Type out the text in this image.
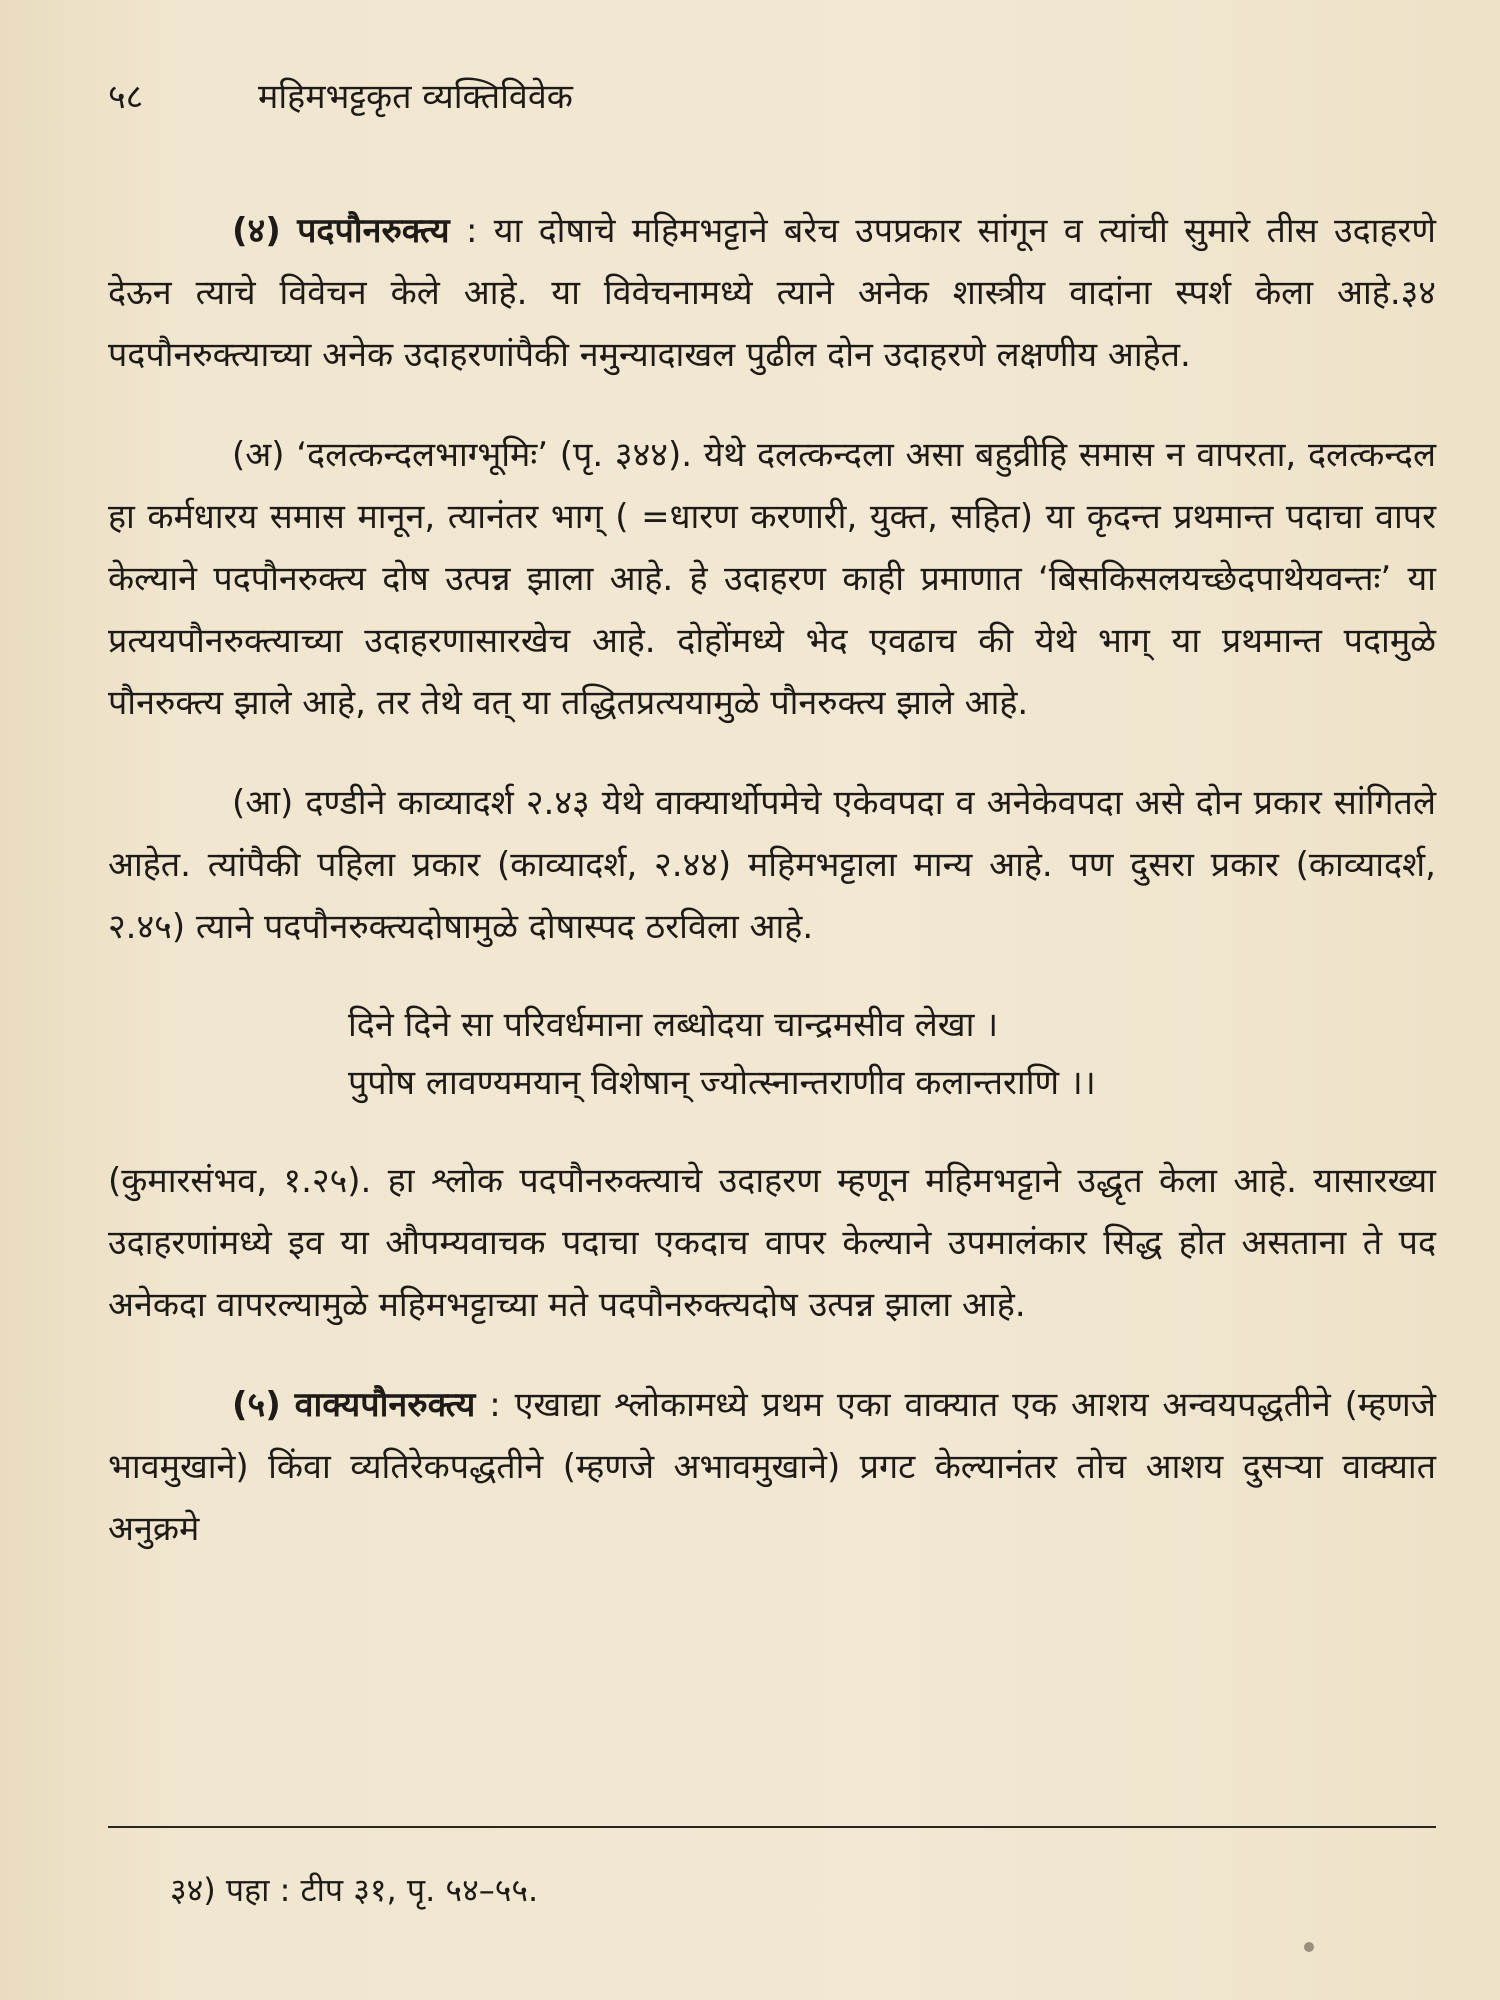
५८	महिमभट्टकृत व्यक्तिविवेक

(४) पदपौनरुक्त्य : या दोषाचे महिमभट्टाने बरेच उपप्रकार सांगून व त्यांची सुमारे तीस उदाहरणे देऊन त्याचे विवेचन केले आहे. या विवेचनामध्ये त्याने अनेक शास्त्रीय वादांना स्पर्श केला आहे.३४ पदपौनरुक्त्याच्या अनेक उदाहरणांपैकी नमुन्यादाखल पुढील दोन उदाहरणे लक्षणीय आहेत.

(अ) ‘दलत्कन्दलभाग्भूमिः’ (पृ. ३४४). येथे दलत्कन्दला असा बहुव्रीहि समास न वापरता, दलत्कन्दल हा कर्मधारय समास मानून, त्यानंतर भाग् ( =धारण करणारी, युक्त, सहित) या कृदन्त प्रथमान्त पदाचा वापर केल्याने पदपौनरुक्त्य दोष उत्पन्न झाला आहे. हे उदाहरण काही प्रमाणात ‘बिसकिसलयच्छेदपाथेयवन्तः’ या प्रत्ययपौनरुक्त्याच्या उदाहरणासारखेच आहे. दोहोंमध्ये भेद एवढाच की येथे भाग् या प्रथमान्त पदामुळे पौनरुक्त्य झाले आहे, तर तेथे वत् या तद्धितप्रत्ययामुळे पौनरुक्त्य झाले आहे.

(आ) दण्डीने काव्यादर्श २.४३ येथे वाक्यार्थोपमेचे एकेवपदा व अनेकेवपदा असे दोन प्रकार सांगितले आहेत. त्यांपैकी पहिला प्रकार (काव्यादर्श, २.४४) महिमभट्टाला मान्य आहे. पण दुसरा प्रकार (काव्यादर्श, २.४५) त्याने पदपौनरुक्त्यदोषामुळे दोषास्पद ठरविला आहे.

दिने दिने सा परिवर्धमाना लब्धोदया चान्द्रमसीव लेखा ।
पुपोष लावण्यमयान् विशेषान् ज्योत्स्नान्तराणीव कलान्तराणि ।।

(कुमारसंभव, १.२५). हा श्लोक पदपौनरुक्त्याचे उदाहरण म्हणून महिमभट्टाने उद्धृत केला आहे. यासारख्या उदाहरणांमध्ये इव या औपम्यवाचक पदाचा एकदाच वापर केल्याने उपमालंकार सिद्ध होत असताना ते पद अनेकदा वापरल्यामुळे महिमभट्टाच्या मते पदपौनरुक्त्यदोष उत्पन्न झाला आहे.

(५) वाक्यपौनरुक्त्य : एखाद्या श्लोकामध्ये प्रथम एका वाक्यात एक आशय अन्वयपद्धतीने (म्हणजे भावमुखाने) किंवा व्यतिरेकपद्धतीने (म्हणजे अभावमुखाने) प्रगट केल्यानंतर तोच आशय दुसऱ्या वाक्यात अनुक्रमे

३४) पहा : टीप ३१, पृ. ५४–५५.
